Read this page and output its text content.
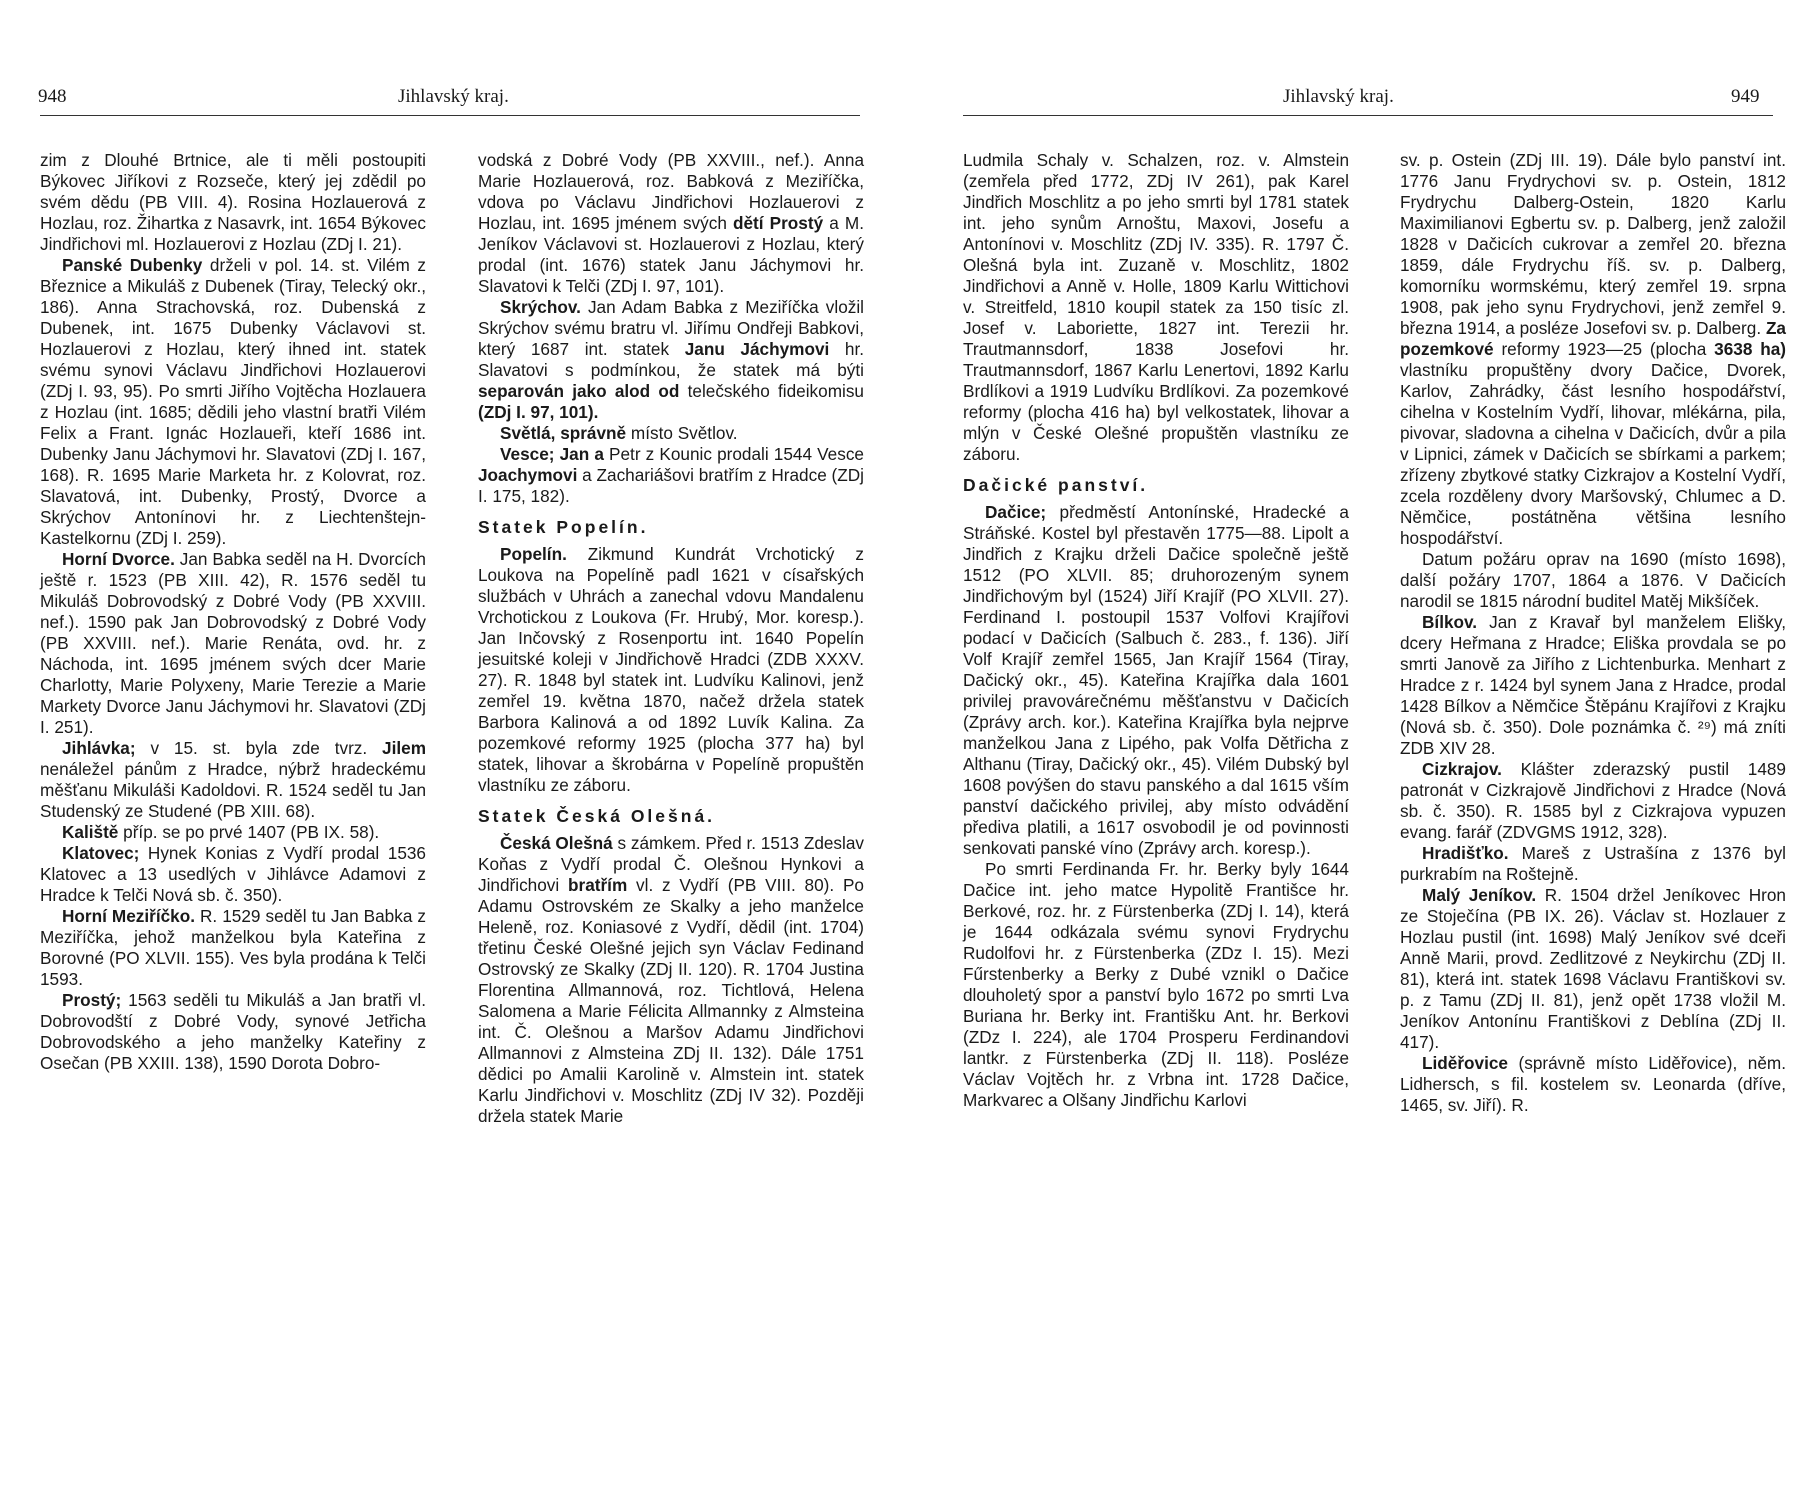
948	Jihlavský kraj.

zim z Dlouhé Brtnice, ale ti měli postoupiti Býkovec Jiříkovi z Rozseče, který jej zdědil po svém dědu (PB VIII. 4). Rosina Hozlauerová z Hozlau, roz. Žihartka z Nasavrk, int. 1654 Býkovec Jindřichovi ml. Hozlauerovi z Hozlau (ZDj I. 21).

Panské Dubenky drželi v pol. 14. st. Vilém z Březnice a Mikuláš z Dubenek (Tiray, Telecký okr., 186). Anna Strachovská, roz. Dubenská z Dubenek, int. 1675 Dubenky Václavovi st. Hozlauerovi z Hozlau, který ihned int. statek svému synovi Václavu Jindřichovi Hozlauerovi (ZDj I. 93, 95). Po smrti Jiřího Vojtěcha Hozlauera z Hozlau (int. 1685; dědili jeho vlastní bratři Vilém Felix a Frant. Ignác Hozlaueři, kteří 1686 int. Dubenky Janu Jáchymovi hr. Slavatovi (ZDj I. 167, 168). R. 1695 Marie Marketa hr. z Kolovrat, roz. Slavatová, int. Dubenky, Prostý, Dvorce a Skrýchov Antonínovi hr. z Liechtenštejn-Kastelkornu (ZDj I. 259).

Horní Dvorce. Jan Babka seděl na H. Dvorcích ještě r. 1523 (PB XIII. 42), R. 1576 seděl tu Mikuláš Dobrovodský z Dobré Vody (PB XXVIII. nef.). 1590 pak Jan Dobrovodský z Dobré Vody (PB XXVIII. nef.). Marie Renáta, ovd. hr. z Náchoda, int. 1695 jménem svých dcer Marie Charlotty, Marie Polyxeny, Marie Terezie a Marie Markety Dvorce Janu Jáchymovi hr. Slavatovi (ZDj I. 251).

Jihlávka; v 15. st. byla zde tvrz. Jilem nenáležel pánům z Hradce, nýbrž hradeckému měšťanu Mikuláši Kadoldovi. R. 1524 seděl tu Jan Studenský ze Studené (PB XIII. 68).

Kaliště příp. se po prvé 1407 (PB IX. 58).

Klatovec; Hynek Konias z Vydří prodal 1536 Klatovec a 13 usedlých v Jihlávce Adamovi z Hradce k Telči Nová sb. č. 350).

Horní Meziříčko. R. 1529 seděl tu Jan Babka z Meziříčka, jehož manželkou byla Kateřina z Borovné (PO XLVII. 155). Ves byla prodána k Telči 1593.

Prostý; 1563 seděli tu Mikuláš a Jan bratři vl. Dobrovodští z Dobré Vody, synové Jetřicha Dobrovodského a jeho manželky Kateřiny z Osečan (PB XXIII. 138), 1590 Dorota Dobro-

vodská z Dobré Vody (PB XXVIII., nef.). Anna Marie Hozlauerová, roz. Babková z Meziříčka, vdova po Václavu Jindřichovi Hozlauerovi z Hozlau, int. 1695 jménem svých dětí Prostý a M. Jeníkov Václavovi st. Hozlauerovi z Hozlau, který prodal (int. 1676) statek Janu Jáchymovi hr. Slavatovi k Telči (ZDj I. 97, 101).

Skrýchov. Jan Adam Babka z Meziříčka vložil Skrýchov svému bratru vl. Jiřímu Ondřeji Babkovi, který 1687 int. statek Janu Jáchymovi hr. Slavatovi s podmínkou, že statek má býti separován jako alod od telečského fideikomisu (ZDj I. 97, 101).

Světlá, správně místo Světlov.

Vesce; Jan a Petr z Kounic prodali 1544 Vesce Joachymovi a Zachariášovi bratřím z Hradce (ZDj I. 175, 182).

Statek Popelín.

Popelín. Zikmund Kundrát Vrchotický z Loukova na Popelíně padl 1621 v císařských službách v Uhrách a zanechal vdovu Mandalenu Vrchotickou z Loukova (Fr. Hrubý, Mor. koresp.). Jan Inčovský z Rosenportu int. 1640 Popelín jesuitské koleji v Jindřichově Hradci (ZDB XXXV. 27). R. 1848 byl statek int. Ludvíku Kalinovi, jenž zemřel 19. května 1870, načež držela statek Barbora Kalinová a od 1892 Luvík Kalina. Za pozemkové reformy 1925 (plocha 377 ha) byl statek, lihovar a škrobárna v Popelíně propuštěn vlastníku ze záboru.

Statek Česká Olešná.

Česká Olešná s zámkem. Před r. 1513 Zdeslav Koňas z Vydří prodal Č. Olešnou Hynkovi a Jindřichovi bratřím vl. z Vydří (PB VIII. 80). Po Adamu Ostrovském ze Skalky a jeho manželce Heleně, roz. Koniasové z Vydří, dědil (int. 1704) třetinu České Olešné jejich syn Václav Fedinand Ostrovský ze Skalky (ZDj II. 120). R. 1704 Justina Florentina Allmannová, roz. Tichtlová, Helena Salomena a Marie Félicita Allmannky z Almsteina int. Č. Olešnou a Maršov Adamu Jindřichovi Allmannovi z Almsteina ZDj II. 132). Dále 1751 dědici po Amalii Karolině v. Almstein int. statek Karlu Jindřichovi v. Moschlitz (ZDj IV 32). Později držela statek Marie

Jihlavský kraj.	949

Ludmila Schaly v. Schalzen, roz. v. Almstein (zemřela před 1772, ZDj IV 261), pak Karel Jindřich Moschlitz a po jeho smrti byl 1781 statek int. jeho synům Arnoštu, Maxovi, Josefu a Antonínovi v. Moschlitz (ZDj IV. 335). R. 1797 Č. Olešná byla int. Zuzaně v. Moschlitz, 1802 Jindřichovi a Anně v. Holle, 1809 Karlu Wittichovi v. Streitfeld, 1810 koupil statek za 150 tisíc zl. Josef v. Laboriette, 1827 int. Terezii hr. Trautmannsdorf, 1838 Josefovi hr. Trautmannsdorf, 1867 Karlu Lenertovi, 1892 Karlu Brdlíkovi a 1919 Ludvíku Brdlíkovi. Za pozemkové reformy (plocha 416 ha) byl velkostatek, lihovar a mlýn v České Olešné propuštěn vlastníku ze záboru.

Dačické panství.

Dačice; předměstí Antonínské, Hradecké a Stráňské. Kostel byl přestavěn 1775—88. Lipolt a Jindřich z Krajku drželi Dačice společně ještě 1512 (PO XLVII. 85; druhorozeným synem Jindřichovým byl (1524) Jiří Krajíř (PO XLVII. 27). Ferdinand I. postoupil 1537 Volfovi Krajířovi podací v Dačicích (Salbuch č. 283., f. 136). Jiří Volf Krajíř zemřel 1565, Jan Krajíř 1564 (Tiray, Dačický okr., 45). Kateřina Krajířka dala 1601 privilej pravovárečnému měšťanstvu v Dačicích (Zprávy arch. kor.). Kateřina Krajířka byla nejprve manželkou Jana z Lipého, pak Volfa Dětřicha z Althanu (Tiray, Dačický okr., 45). Vilém Dubský byl 1608 povýšen do stavu panského a dal 1615 vším panství dačického privilej, aby místo odvádění přediva platili, a 1617 osvobodil je od povinnosti senkovati panské víno (Zprávy arch. koresp.).

Po smrti Ferdinanda Fr. hr. Berky byly 1644 Dačice int. jeho matce Hypolitě Františce hr. Berkové, roz. hr. z Fürstenberka (ZDj I. 14), která je 1644 odkázala svému synovi Frydrychu Rudolfovi hr. z Fürstenberka (ZDz I. 15). Mezi Fűrstenberky a Berky z Dubé vznikl o Dačice dlouholetý spor a panství bylo 1672 po smrti Lva Buriana hr. Berky int. Františku Ant. hr. Berkovi (ZDz I. 224), ale 1704 Prosperu Ferdinandovi lantkr. z Fürstenberka (ZDj II. 118). Posléze Václav Vojtěch hr. z Vrbna int. 1728 Dačice, Markvarec a Olšany Jindřichu Karlovi

sv. p. Ostein (ZDj III. 19). Dále bylo panství int. 1776 Janu Frydrychovi sv. p. Ostein, 1812 Frydrychu Dalberg-Ostein, 1820 Karlu Maximilianovi Egbertu sv. p. Dalberg, jenž založil 1828 v Dačicích cukrovar a zemřel 20. března 1859, dále Frydrychu říš. sv. p. Dalberg, komorníku wormskému, který zemřel 19. srpna 1908, pak jeho synu Frydrychovi, jenž zemřel 9. března 1914, a posléze Josefovi sv. p. Dalberg. Za pozemkové reformy 1923—25 (plocha 3638 ha) vlastníku propuštěny dvory Dačice, Dvorek, Karlov, Zahrádky, část lesního hospodářství, cihelna v Kostelním Vydří, lihovar, mlékárna, pila, pivovar, sladovna a cihelna v Dačicích, dvůr a pila v Lipnici, zámek v Dačicích se sbírkami a parkem; zřízeny zbytkové statky Cizkrajov a Kostelní Vydří, zcela rozděleny dvory Maršovský, Chlumec a D. Němčice, postátněna většina lesního hospodářství.

Datum požáru oprav na 1690 (místo 1698), další požáry 1707, 1864 a 1876. V Dačicích narodil se 1815 národní buditel Matěj Mikšíček.

Bílkov. Jan z Kravař byl manželem Elišky, dcery Heřmana z Hradce; Eliška provdala se po smrti Janově za Jiřího z Lichtenburka. Menhart z Hradce z r. 1424 byl synem Jana z Hradce, prodal 1428 Bílkov a Němčice Štěpánu Krajířovi z Krajku (Nová sb. č. 350). Dole poznámka č. ²⁹) má zníti ZDB XIV 28.

Cizkrajov. Klášter zderazský pustil 1489 patronát v Cizkrajově Jindřichovi z Hradce (Nová sb. č. 350). R. 1585 byl z Cizkrajova vypuzen evang. farář (ZDVGMS 1912, 328).

Hradišťko. Mareš z Ustrašína z 1376 byl purkrabím na Roštejně.

Malý Jeníkov. R. 1504 držel Jeníkovec Hron ze Stoječína (PB IX. 26). Václav st. Hozlauer z Hozlau pustil (int. 1698) Malý Jeníkov své dceři Anně Marii, provd. Zedlitzové z Neykirchu (ZDj II. 81), která int. statek 1698 Václavu Františkovi sv. p. z Tamu (ZDj II. 81), jenž opět 1738 vložil M. Jeníkov Antonínu Františkovi z Deblína (ZDj II. 417).

Liděřovice (správně místo Liděřovice), něm. Lidhersch, s fil. kostelem sv. Leonarda (dříve, 1465, sv. Jiří). R.
